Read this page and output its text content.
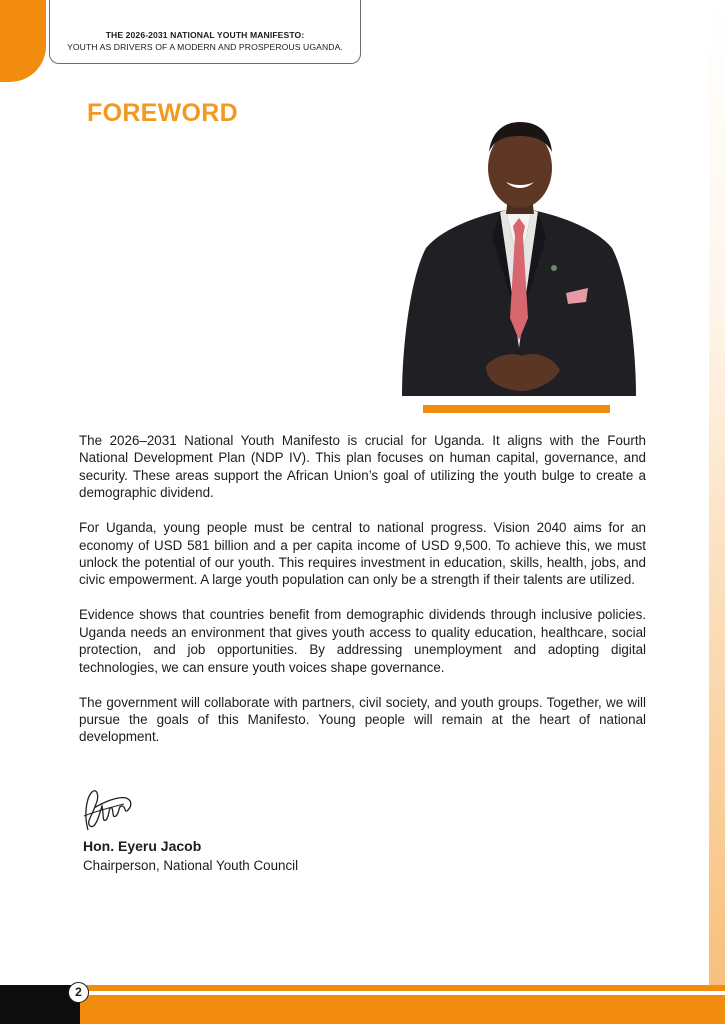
THE 2026-2031 NATIONAL YOUTH MANIFESTO:
YOUTH AS DRIVERS OF A MODERN AND PROSPEROUS UGANDA.
FOREWORD

The 2026–2031 National Youth Manifesto is crucial for Uganda. It aligns with the Fourth National Development Plan (NDP IV). This plan focuses on human capital, governance, and security. These areas support the African Union’s goal of utilizing the youth bulge to create a demographic dividend.

For Uganda, young people must be central to national progress. Vision 2040 aims for an economy of USD 581 billion and a per capita income of USD 9,500. To achieve this, we must unlock the potential of our youth. This requires investment in education, skills, health, jobs, and civic empowerment. A large youth population can only be a strength if their talents are utilized.

Evidence shows that countries benefit from demographic dividends through inclusive policies. Uganda needs an environment that gives youth access to quality education, healthcare, social protection, and job opportunities. By addressing unemployment and adopting digital technologies, we can ensure youth voices shape governance.

The government will collaborate with partners, civil society, and youth groups. Together, we will pursue the goals of this Manifesto. Young people will remain at the heart of national development.

Hon. Eyeru Jacob
Chairperson, National Youth Council
2
